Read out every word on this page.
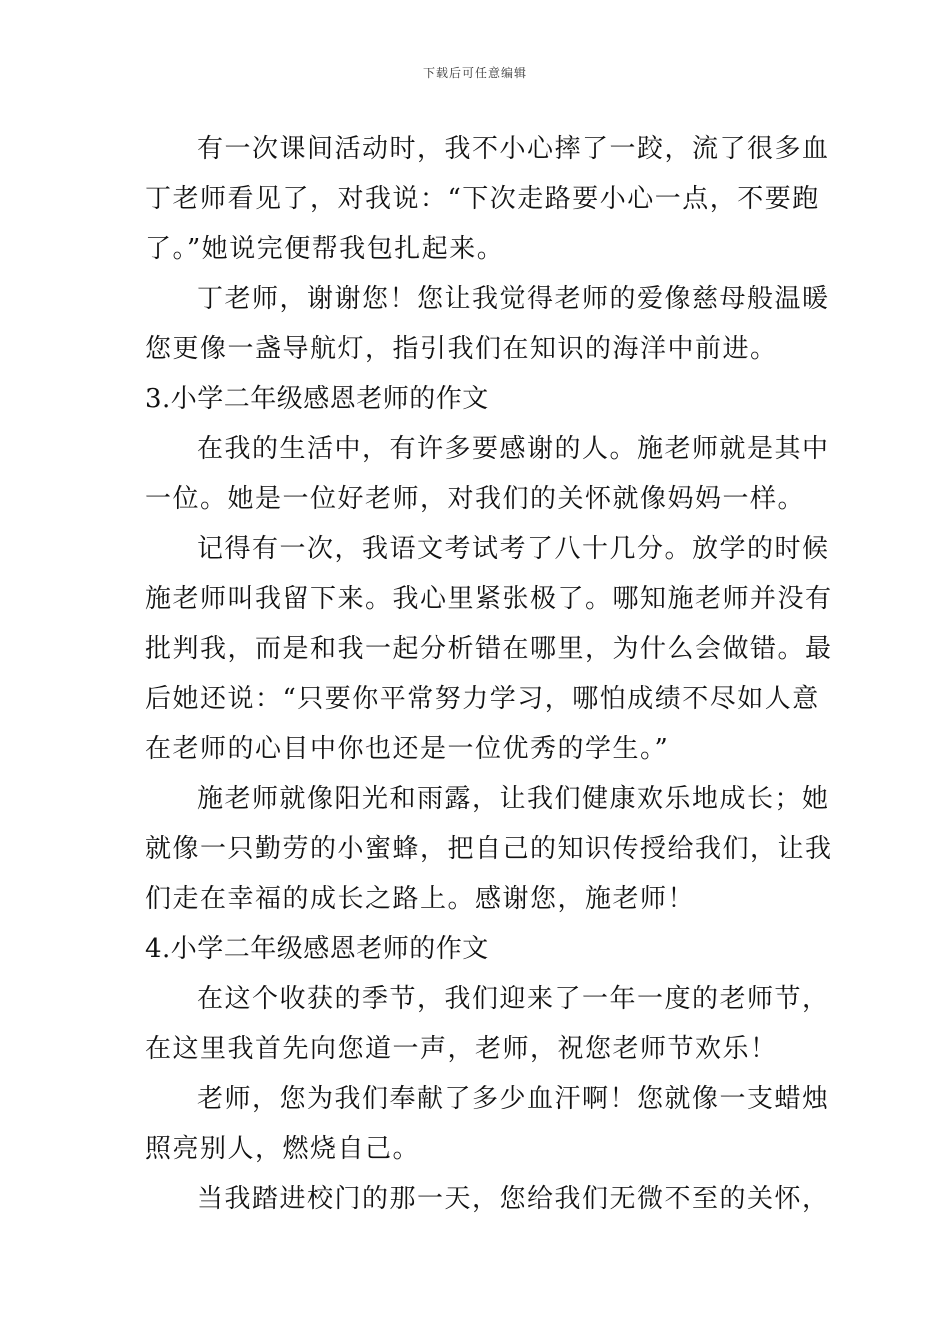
下载后可任意编辑
有一次课间活动时，我不小心摔了一跤，流了很多血
丁老师看见了，对我说：“下次走路要小心一点，不要跑
了。”她说完便帮我包扎起来。
丁老师，谢谢您！您让我觉得老师的爱像慈母般温暖
您更像一盏导航灯，指引我们在知识的海洋中前进。
3.小学二年级感恩老师的作文
在我的生活中，有许多要感谢的人。施老师就是其中
一位。她是一位好老师，对我们的关怀就像妈妈一样。
记得有一次，我语文考试考了八十几分。放学的时候
施老师叫我留下来。我心里紧张极了。哪知施老师并没有
批判我，而是和我一起分析错在哪里，为什么会做错。最
后她还说：“只要你平常努力学习，哪怕成绩不尽如人意
在老师的心目中你也还是一位优秀的学生。”
施老师就像阳光和雨露，让我们健康欢乐地成长；她
就像一只勤劳的小蜜蜂，把自己的知识传授给我们，让我
们走在幸福的成长之路上。感谢您，施老师！
4.小学二年级感恩老师的作文
在这个收获的季节，我们迎来了一年一度的老师节，
在这里我首先向您道一声，老师，祝您老师节欢乐！
老师，您为我们奉献了多少血汗啊！您就像一支蜡烛
照亮别人，燃烧自己。
当我踏进校门的那一天，您给我们无微不至的关怀，
